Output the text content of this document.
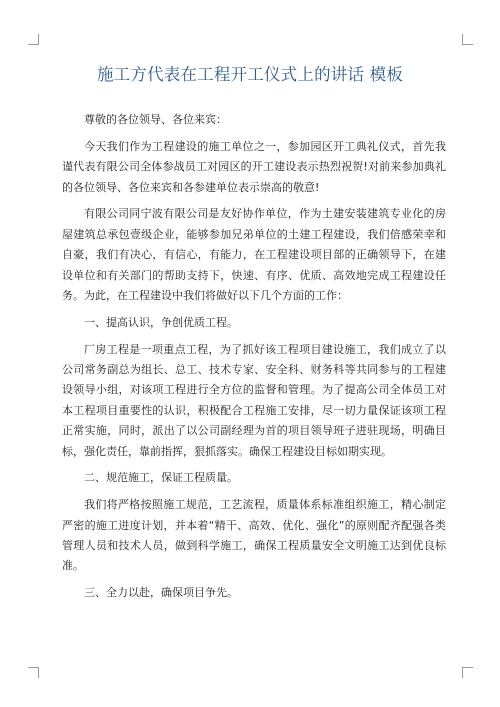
施工方代表在工程开工仪式上的讲话 模板

尊敬的各位领导、各位来宾：

今天我们作为工程建设的施工单位之一，参加园区开工典礼仪式，首先我谨代表有限公司全体参战员工对园区的开工建设表示热烈祝贺!对前来参加典礼的各位领导、各位来宾和各参建单位表示崇高的敬意!

有限公司同宁波有限公司是友好协作单位，作为土建安装建筑专业化的房屋建筑总承包壹级企业，能够参加兄弟单位的土建工程建设，我们倍感荣幸和自豪，我们有决心，有信心，有能力，在工程建设项目部的正确领导下，在建设单位和有关部门的帮助支持下，快速、有序、优质、高效地完成工程建设任务。为此，在工程建设中我们将做好以下几个方面的工作：

一、提高认识，争创优质工程。

厂房工程是一项重点工程，为了抓好该工程项目建设施工，我们成立了以公司常务副总为组长、总工、技术专家、安全科、财务科等共同参与的工程建设领导小组，对该项工程进行全方位的监督和管理。为了提高公司全体员工对本工程项目重要性的认识，积极配合工程施工安排，尽一切力量保证该项工程正常实施，同时，派出了以公司副经理为首的项目领导班子进驻现场，明确目标，强化责任，靠前指挥，狠抓落实。确保工程建设目标如期实现。

二、规范施工，保证工程质量。

我们将严格按照施工规范，工艺流程，质量体系标准组织施工，精心制定严密的施工进度计划，并本着“精干、高效、优化、强化”的原则配齐配强各类管理人员和技术人员，做到科学施工，确保工程质量安全文明施工达到优良标准。

三、全力以赴，确保项目争先。
